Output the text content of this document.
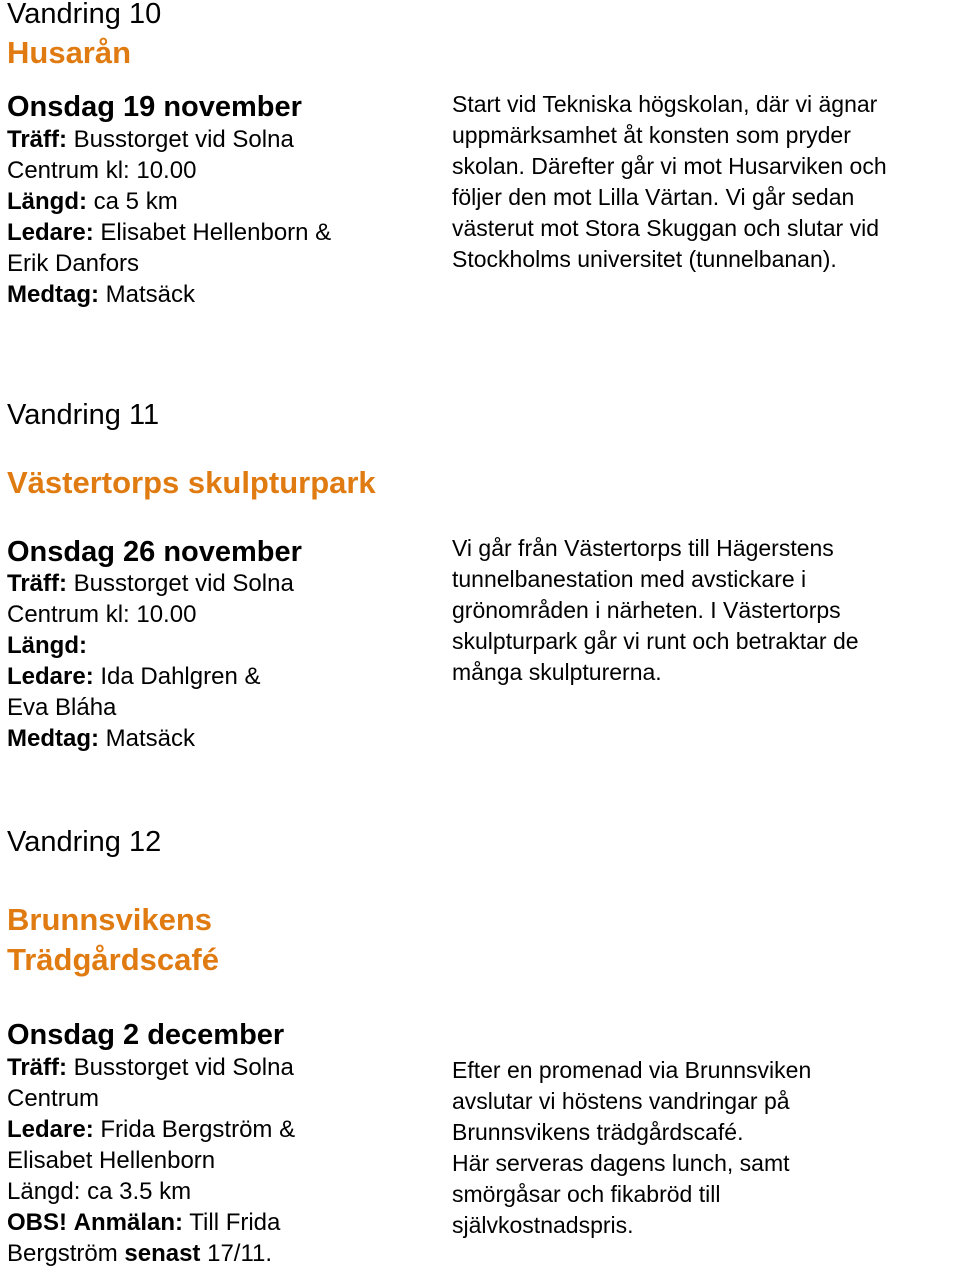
Vandring 10
Husarån
Onsdag 19 november
Träff: Busstorget vid Solna
Centrum kl: 10.00
Längd: ca 5 km
Ledare: Elisabet Hellenborn &
Erik Danfors
Medtag: Matsäck
Start vid Tekniska högskolan, där vi ägnar
uppmärksamhet åt konsten som pryder
skolan. Därefter går vi mot Husarviken och
följer den mot Lilla Värtan. Vi går sedan
västerut mot Stora Skuggan och slutar vid
Stockholms universitet (tunnelbanan).
Vandring 11
Västertorps skulpturpark
Onsdag 26 november
Träff: Busstorget vid Solna
Centrum kl: 10.00
Längd:
Ledare: Ida Dahlgren &
Eva Bláha
Medtag: Matsäck
Vi går från Västertorps till Hägerstens
tunnelbanestation med avstickare i
grönområden i närheten. I Västertorps
skulpturpark går vi runt och betraktar de
många skulpturerna.
Vandring 12
Brunnsvikens
Trädgårdscafé
Onsdag 2 december
Träff: Busstorget vid Solna
Centrum
Ledare: Frida Bergström &
Elisabet Hellenborn
Längd: ca 3.5 km
OBS! Anmälan: Till Frida
Bergström senast 17/11.
Efter en promenad via Brunnsviken
avslutar vi höstens vandringar på
Brunnsvikens trädgårdscafé.
Här serveras dagens lunch, samt
smörgåsar och fikabröd till
självkostnadspris.
